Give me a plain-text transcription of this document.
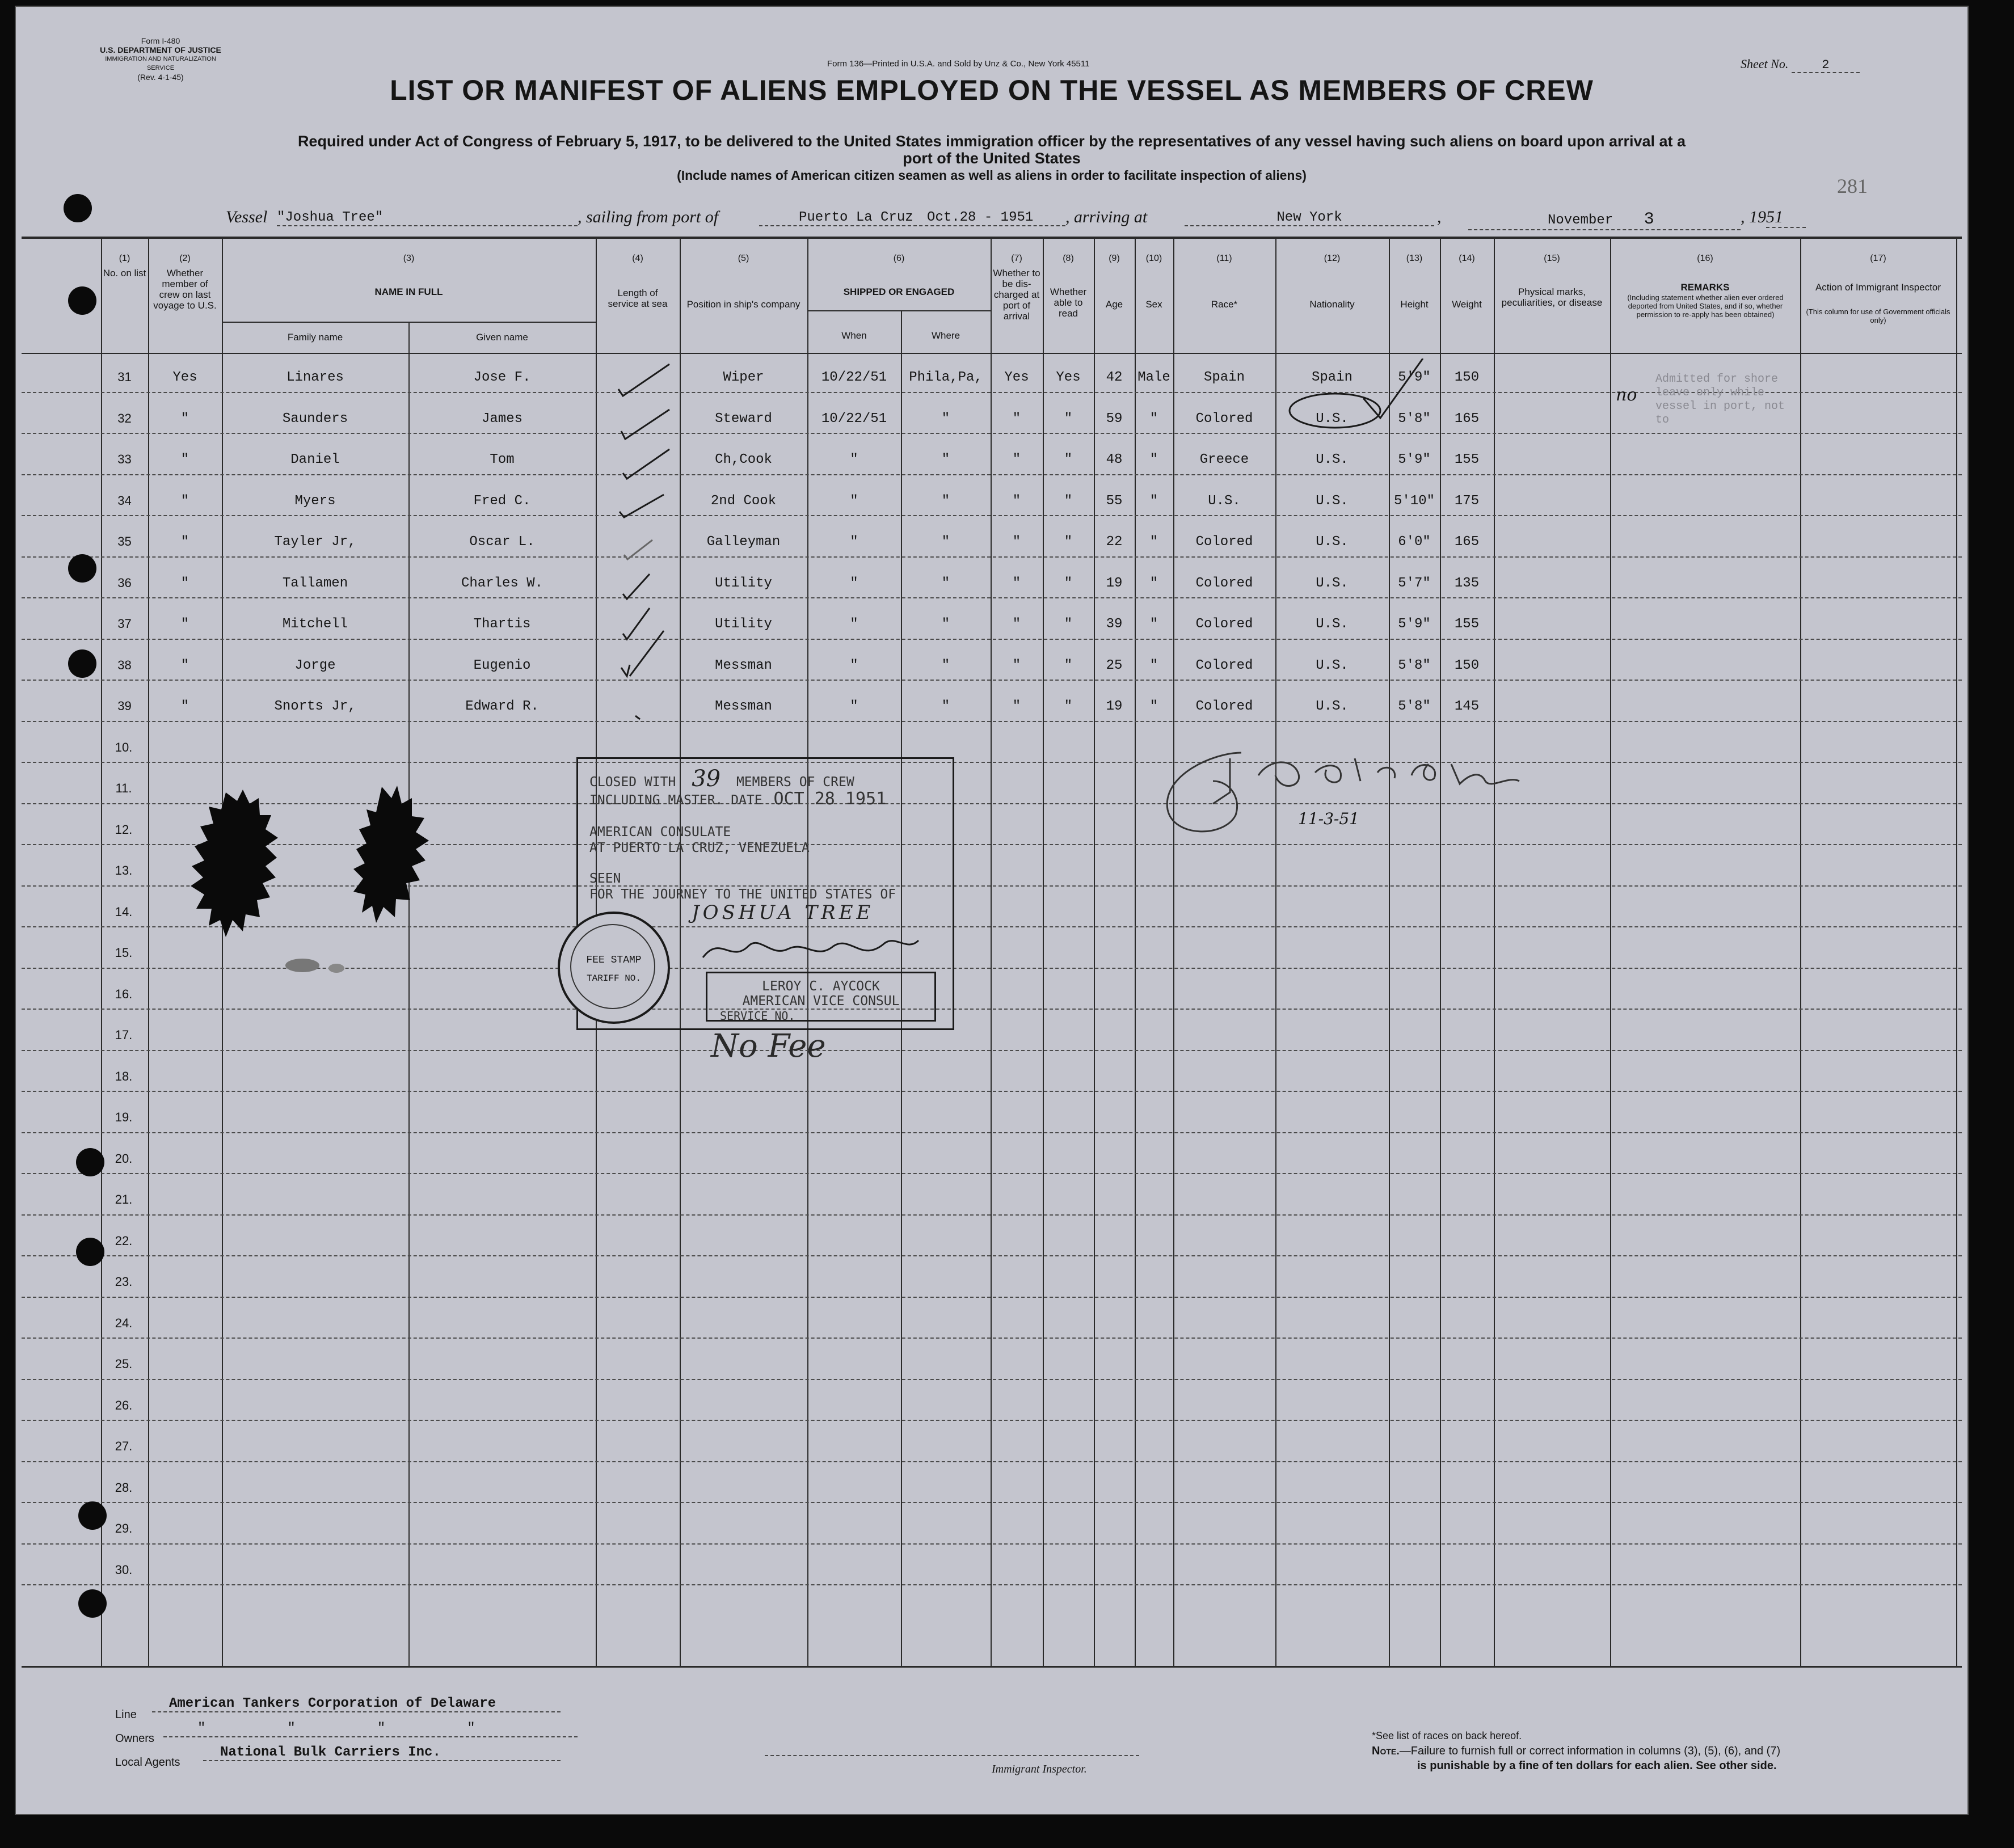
Form I-480
U.S. DEPARTMENT OF JUSTICE
IMMIGRATION AND NATURALIZATION SERVICE
(Rev. 4-1-45)
Form 136—Printed in U.S.A. and Sold by Unz & Co., New York 45511	Sheet No.	2
LIST OR MANIFEST OF ALIENS EMPLOYED ON THE VESSEL AS MEMBERS OF CREW
Required under Act of Congress of February 5, 1917, to be delivered to the United States immigration officer by the representatives of any vessel having such aliens on board upon arrival at a
port of the United States
(Include names of American citizen seamen as well as aliens in order to facilitate inspection of aliens)	281
Vessel "Joshua Tree"	, sailing from port of	Puerto La Cruz Oct.28 - 1951	, arriving at	New York	,	November 3	, 1951
(1)
No. on list
(2)
Whether member of crew on last voyage to U.S.
(3)
NAME IN FULL
Family name	Given name
(4)
Length of service at sea
(5)
Position in ship's company
(6)
SHIPPED OR ENGAGED
When	Where
(7)
Whether to be dis-charged at port of arrival
(8)
Whether able to read
(9)
Age
(10)
Sex
(11)
Race*
(12)
Nationality
(13)
Height
(14)
Weight
(15)
Physical marks, peculiarities, or disease
(16)
REMARKS
(Including statement whether alien ever ordered deported from United States, and if so, whether permission to re-apply has been obtained)
(17)
Action of Immigrant Inspector
(This column for use of Government officials only)
31	Yes	Linares	Jose F.	Wiper	10/22/51	Phila,Pa,	Yes	Yes	42	Male	Spain	Spain	5'9"	150
32	"	Saunders	James	Steward	10/22/51	"	"	"	59	"	Colored	U.S.	5'8"	165
33	"	Daniel	Tom	Ch,Cook	"	"	"	"	48	"	Greece	U.S.	5'9"	155
34	"	Myers	Fred C.	2nd Cook	"	"	"	"	55	"	U.S.	U.S.	5'10"	175
35	"	Tayler Jr,	Oscar L.	Galleyman	"	"	"	"	22	"	Colored	U.S.	6'0"	165
36	"	Tallamen	Charles W.	Utility	"	"	"	"	19	"	Colored	U.S.	5'7"	135
37	"	Mitchell	Thartis	Utility	"	"	"	"	39	"	Colored	U.S.	5'9"	155
38	"	Jorge	Eugenio	Messman	"	"	"	"	25	"	Colored	U.S.	5'8"	150
39	"	Snorts Jr,	Edward R.	Messman	"	"	"	"	19	"	Colored	U.S.	5'8"	145
10.
11.
12.
13.
14.
15.
16.
17.
18.
19.
20.
21.
22.
23.
24.
25.
26.
27.
28.
29.
30.
Admitted for shore leave only while vessel in port, not to
no
11-3-51
CLOSED WITH 39 MEMBERS OF CREW
INCLUDING MASTER. DATE OCT 28 1951
AMERICAN CONSULATE
AT PUERTO LA CRUZ, VENEZUELA
SEEN
FOR THE JOURNEY TO THE UNITED STATES OF
JOSHUA TREE
LEROY C. AYCOCK
AMERICAN VICE CONSUL
SERVICE NO.
FEE STAMP
TARIFF NO.
No Fee
Line
American Tankers Corporation of Delaware
Owners
"          "          "          "
Local Agents
National Bulk Carriers Inc.
Immigrant Inspector.
*See list of races on back hereof.
Note.—Failure to furnish full or correct information in columns (3), (5), (6), and (7)
is punishable by a fine of ten dollars for each alien. See other side.
